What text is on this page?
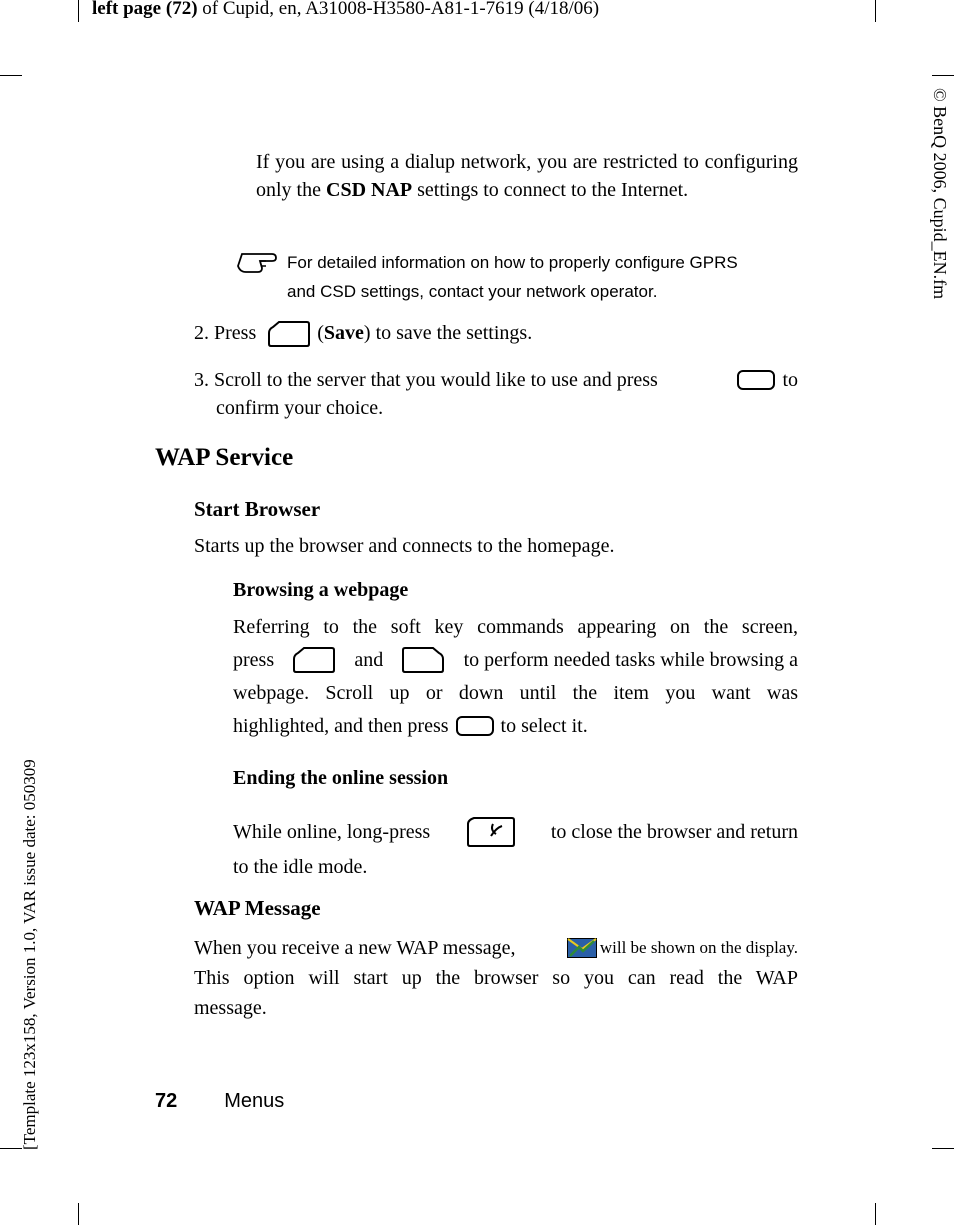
left page (72) of Cupid, en, A31008-H3580-A81-1-7619 (4/18/06)
[Template 123x158, Version 1.0, VAR issue date: 050309
© BenQ 2006, Cupid_EN.fm
If you are using a dialup network, you are restricted to configuring only the CSD NAP settings to connect to the Internet.
For detailed information on how to properly configure GPRS
and CSD settings, contact your network operator.
2. Press	(Save) to save the settings.
3. Scroll to the server that you would like to use and press	to
confirm your choice.
WAP Service
Start Browser
Starts up the browser and connects to the homepage.
Browsing a webpage
Referring to the soft key commands appearing on the screen,
press	and	to perform needed tasks while browsing a
webpage. Scroll up or down until the item you want was
highlighted, and then press	to select it.
Ending the online session
While online, long-press	to close the browser and return
to the idle mode.
WAP Message
When you receive a new WAP message,	will be shown on the display.
This option will start up the browser so you can read the WAP
message.
72 Menus
